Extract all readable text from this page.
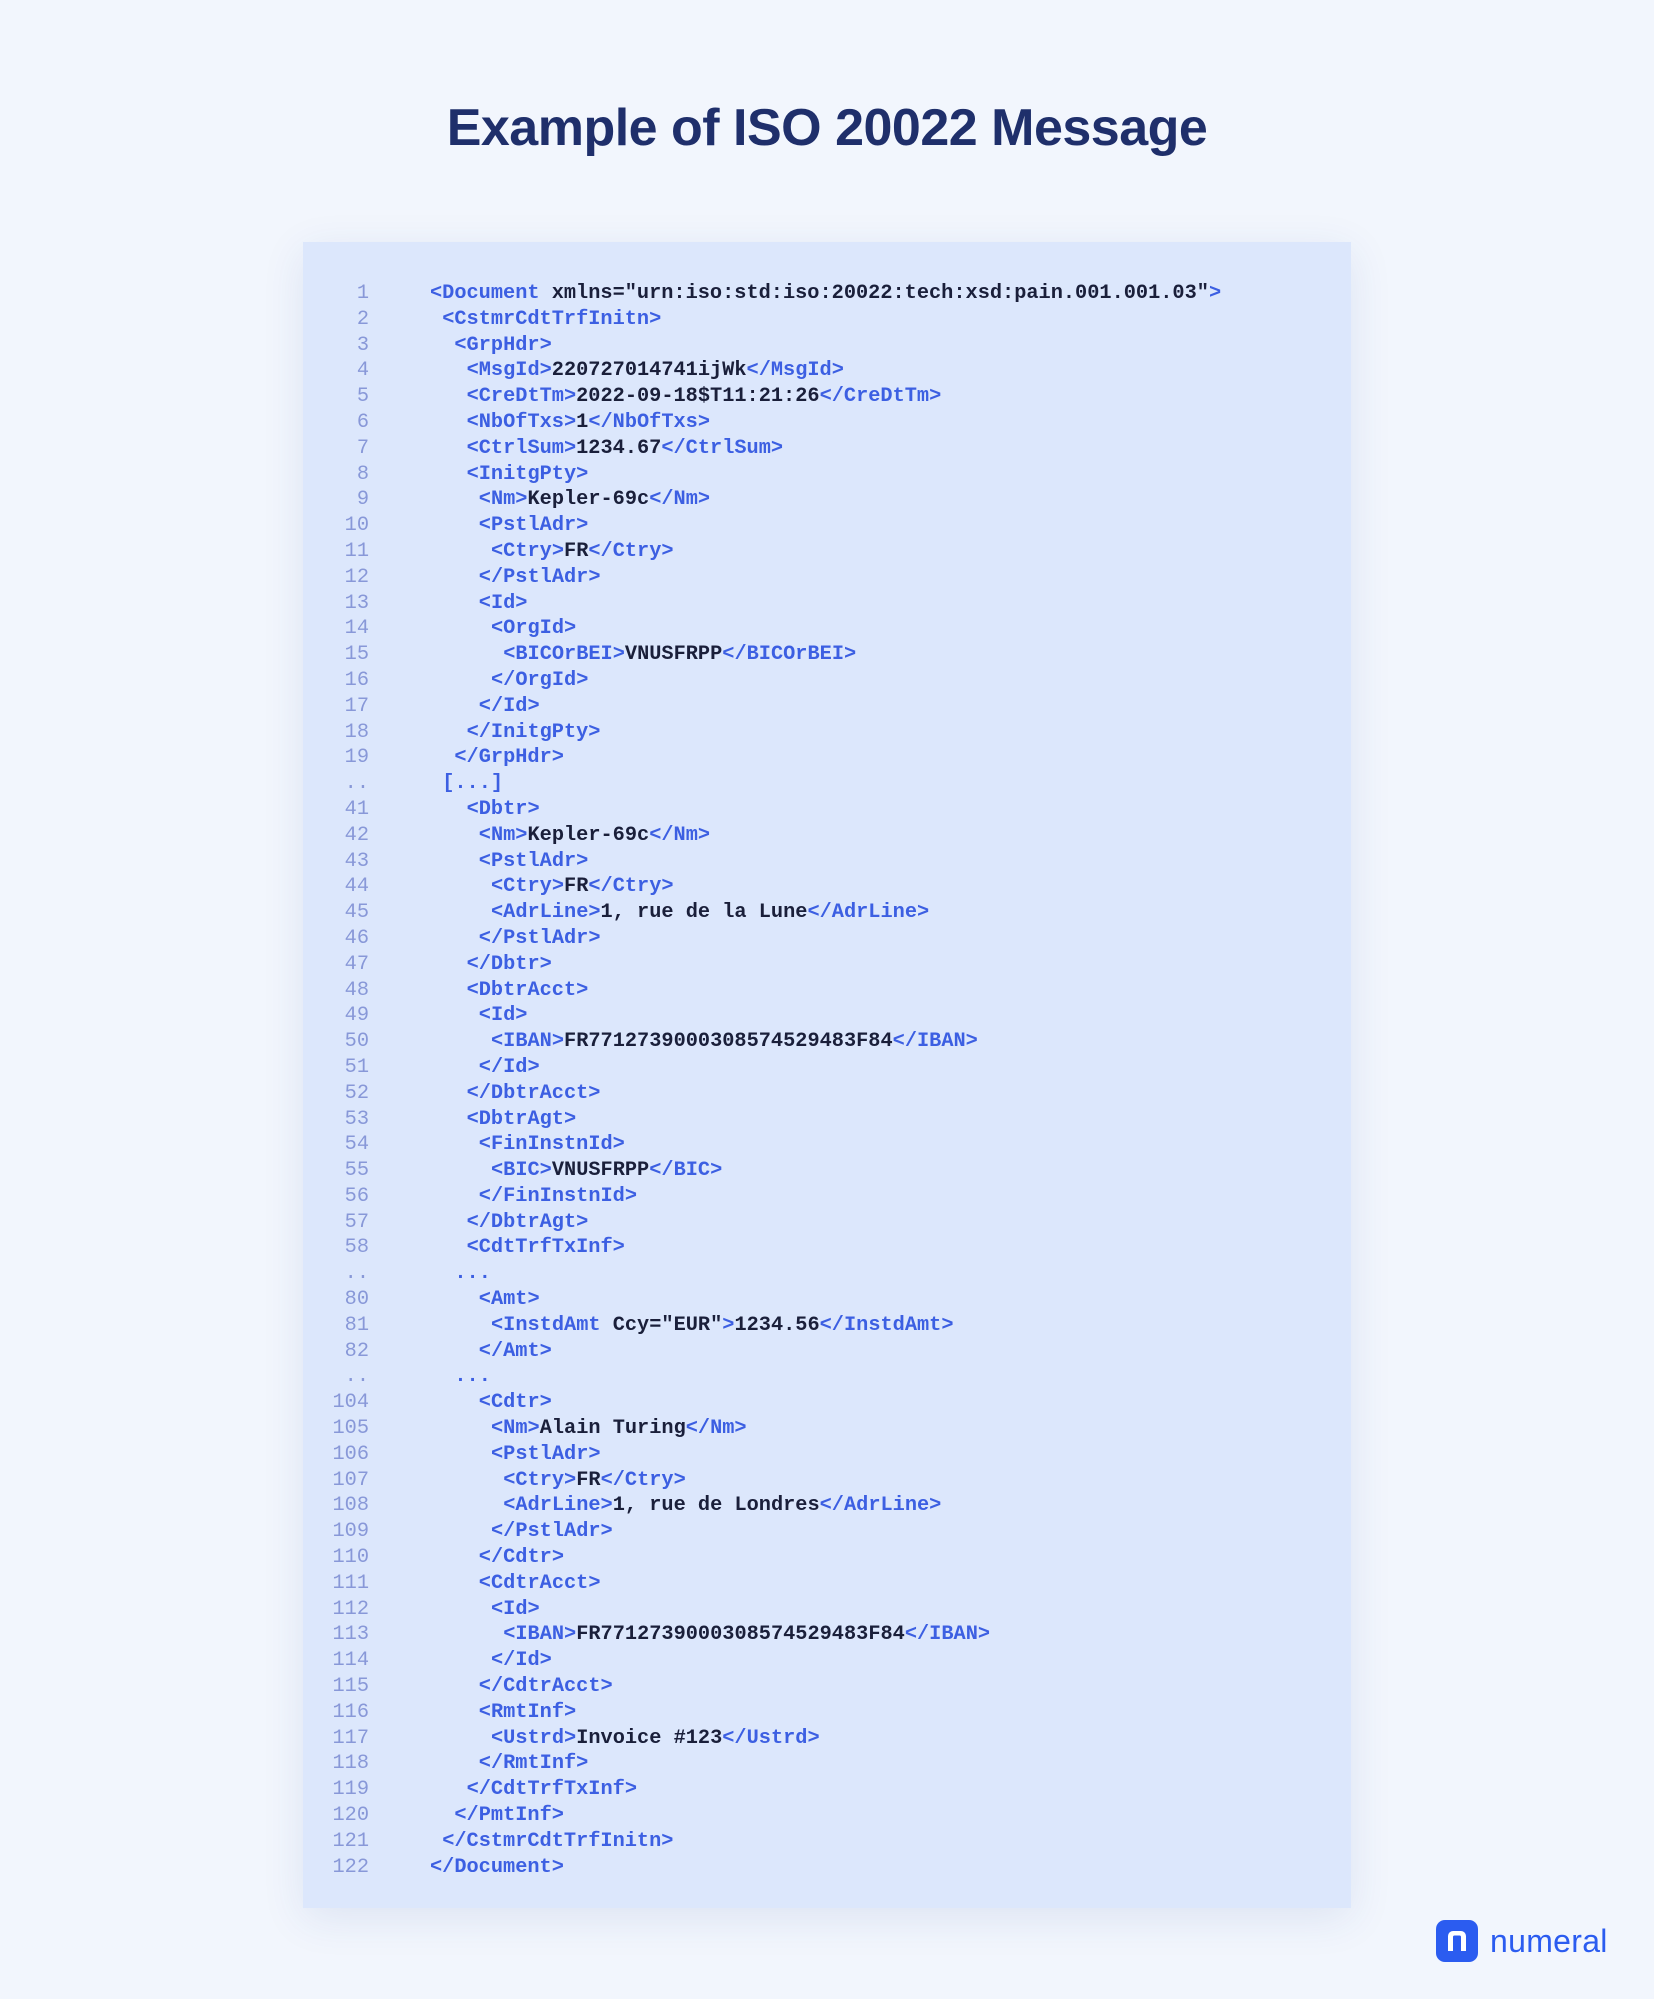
Example of ISO 20022 Message
1	<Document xmlns="urn:iso:std:iso:20022:tech:xsd:pain.001.001.03">
2	<CstmrCdtTrfInitn>
3	<GrpHdr>
4	<MsgId>220727014741ijWk</MsgId>
5	<CreDtTm>2022-09-18$T11:21:26</CreDtTm>
6	<NbOfTxs>1</NbOfTxs>
7	<CtrlSum>1234.67</CtrlSum>
8	<InitgPty>
9	<Nm>Kepler-69c</Nm>
10	<PstlAdr>
11	<Ctry>FR</Ctry>
12	</PstlAdr>
13	<Id>
14	<OrgId>
15	<BICOrBEI>VNUSFRPP</BICOrBEI>
16	</OrgId>
17	</Id>
18	</InitgPty>
19	</GrpHdr>
..	[...]
41	<Dbtr>
42	<Nm>Kepler-69c</Nm>
43	<PstlAdr>
44	<Ctry>FR</Ctry>
45	<AdrLine>1, rue de la Lune</AdrLine>
46	</PstlAdr>
47	</Dbtr>
48	<DbtrAcct>
49	<Id>
50	<IBAN>FR7712739000308574529483F84</IBAN>
51	</Id>
52	</DbtrAcct>
53	<DbtrAgt>
54	<FinInstnId>
55	<BIC>VNUSFRPP</BIC>
56	</FinInstnId>
57	</DbtrAgt>
58	<CdtTrfTxInf>
..	...
80	<Amt>
81	<InstdAmt Ccy="EUR">1234.56</InstdAmt>
82	</Amt>
..	...
104	<Cdtr>
105	<Nm>Alain Turing</Nm>
106	<PstlAdr>
107	<Ctry>FR</Ctry>
108	<AdrLine>1, rue de Londres</AdrLine>
109	</PstlAdr>
110	</Cdtr>
111	<CdtrAcct>
112	<Id>
113	<IBAN>FR7712739000308574529483F84</IBAN>
114	</Id>
115	</CdtrAcct>
116	<RmtInf>
117	<Ustrd>Invoice #123</Ustrd>
118	</RmtInf>
119	</CdtTrfTxInf>
120	</PmtInf>
121	</CstmrCdtTrfInitn>
122	</Document>
numeral
